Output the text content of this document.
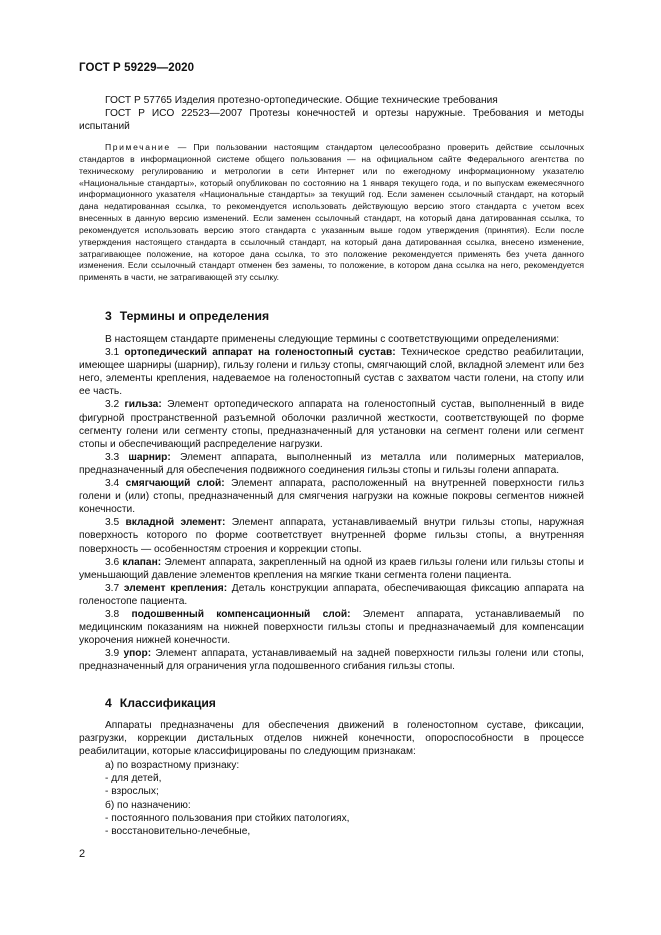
ГОСТ Р 59229—2020

ГОСТ Р 57765 Изделия протезно-ортопедические. Общие технические требования

ГОСТ Р ИСО 22523—2007 Протезы конечностей и ортезы наружные. Требования и методы испытаний

Примечание — При пользовании настоящим стандартом целесообразно проверить действие ссылочных стандартов в информационной системе общего пользования — на официальном сайте Федерального агентства по техническому регулированию и метрологии в сети Интернет или по ежегодному информационному указателю «Национальные стандарты», который опубликован по состоянию на 1 января текущего года, и по выпускам ежемесячного информационного указателя «Национальные стандарты» за текущий год. Если заменен ссылочный стандарт, на который дана недатированная ссылка, то рекомендуется использовать действующую версию этого стандарта с учетом всех внесенных в данную версию изменений. Если заменен ссылочный стандарт, на который дана датированная ссылка, то рекомендуется использовать версию этого стандарта с указанным выше годом утверждения (принятия). Если после утверждения настоящего стандарта в ссылочный стандарт, на который дана датированная ссылка, внесено изменение, затрагивающее положение, на которое дана ссылка, то это положение рекомендуется применять без учета данного изменения. Если ссылочный стандарт отменен без замены, то положение, в котором дана ссылка на него, рекомендуется применять в части, не затрагивающей эту ссылку.
3 Термины и определения

В настоящем стандарте применены следующие термины с соответствующими определениями:

3.1 ортопедический аппарат на голеностопный сустав: Техническое средство реабилитации, имеющее шарниры (шарнир), гильзу голени и гильзу стопы, смягчающий слой, вкладной элемент или без него, элементы крепления, надеваемое на голеностопный сустав с захватом части голени, на стопу или ее часть.

3.2 гильза: Элемент ортопедического аппарата на голеностопный сустав, выполненный в виде фигурной пространственной разъемной оболочки различной жесткости, соответствующей по форме сегменту голени или сегменту стопы, предназначенный для установки на сегмент голени или сегмент стопы и обеспечивающий распределение нагрузки.

3.3 шарнир: Элемент аппарата, выполненный из металла или полимерных материалов, предназначенный для обеспечения подвижного соединения гильзы стопы и гильзы голени аппарата.

3.4 смягчающий слой: Элемент аппарата, расположенный на внутренней поверхности гильз голени и (или) стопы, предназначенный для смягчения нагрузки на кожные покровы сегментов нижней конечности.

3.5 вкладной элемент: Элемент аппарата, устанавливаемый внутри гильзы стопы, наружная поверхность которого по форме соответствует внутренней форме гильзы стопы, а внутренняя поверхность — особенностям строения и коррекции стопы.

3.6 клапан: Элемент аппарата, закрепленный на одной из краев гильзы голени или гильзы стопы и уменьшающий давление элементов крепления на мягкие ткани сегмента голени пациента.

3.7 элемент крепления: Деталь конструкции аппарата, обеспечивающая фиксацию аппарата на голеностопе пациента.

3.8 подошвенный компенсационный слой: Элемент аппарата, устанавливаемый по медицинским показаниям на нижней поверхности гильзы стопы и предназначаемый для компенсации укорочения нижней конечности.

3.9 упор: Элемент аппарата, устанавливаемый на задней поверхности гильзы голени или стопы, предназначенный для ограничения угла подошвенного сгибания гильзы стопы.

4 Классификация

Аппараты предназначены для обеспечения движений в голеностопном суставе, фиксации, разгрузки, коррекции дистальных отделов нижней конечности, опороспособности в процессе реабилитации, которые классифицированы по следующим признакам:

а) по возрастному признаку:
- для детей,
- взрослых;
б) по назначению:
- постоянного пользования при стойких патологиях,
- восстановительно-лечебные,
2
